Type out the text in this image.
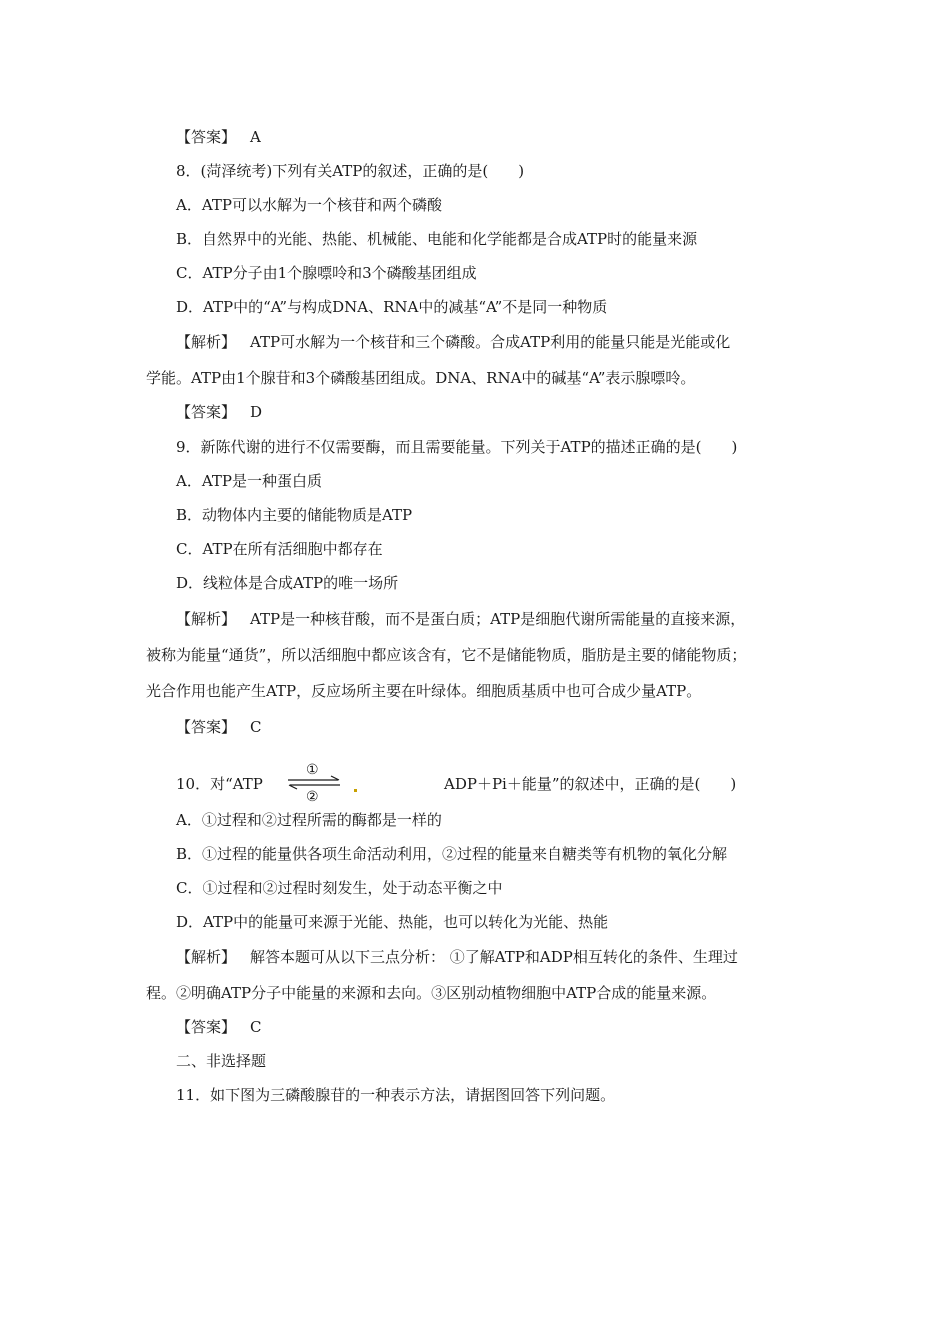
【答案】 A
8．(菏泽统考)下列有关ATP的叙述，正确的是(　　)
A．ATP可以水解为一个核苷和两个磷酸
B．自然界中的光能、热能、机械能、电能和化学能都是合成ATP时的能量来源
C．ATP分子由1个腺嘌呤和3个磷酸基团组成
D．ATP中的“A”与构成DNA、RNA中的减基“A”不是同一种物质
【解析】 ATP可水解为一个核苷和三个磷酸。合成ATP利用的能量只能是光能或化
学能。ATP由1个腺苷和3个磷酸基团组成。DNA、RNA中的碱基“A”表示腺嘌呤。
【答案】 D
9．新陈代谢的进行不仅需要酶，而且需要能量。下列关于ATP的描述正确的是(　　)
A．ATP是一种蛋白质
B．动物体内主要的储能物质是ATP
C．ATP在所有活细胞中都存在
D．线粒体是合成ATP的唯一场所
【解析】 ATP是一种核苷酸，而不是蛋白质；ATP是细胞代谢所需能量的直接来源，
被称为能量“通货”，所以活细胞中都应该含有，它不是储能物质，脂肪是主要的储能物质；
光合作用也能产生ATP，反应场所主要在叶绿体。细胞质基质中也可合成少量ATP。
【答案】 C
10．对“ATP
①
②
ADP＋Pi＋能量”的叙述中，正确的是(　　)
A．①过程和②过程所需的酶都是一样的
B．①过程的能量供各项生命活动利用，②过程的能量来自糖类等有机物的氧化分解
C．①过程和②过程时刻发生，处于动态平衡之中
D．ATP中的能量可来源于光能、热能，也可以转化为光能、热能
【解析】 解答本题可从以下三点分析： ①了解ATP和ADP相互转化的条件、生理过
程。②明确ATP分子中能量的来源和去向。③区别动植物细胞中ATP合成的能量来源。
【答案】 C
二、非选择题
11．如下图为三磷酸腺苷的一种表示方法，请据图回答下列问题。
